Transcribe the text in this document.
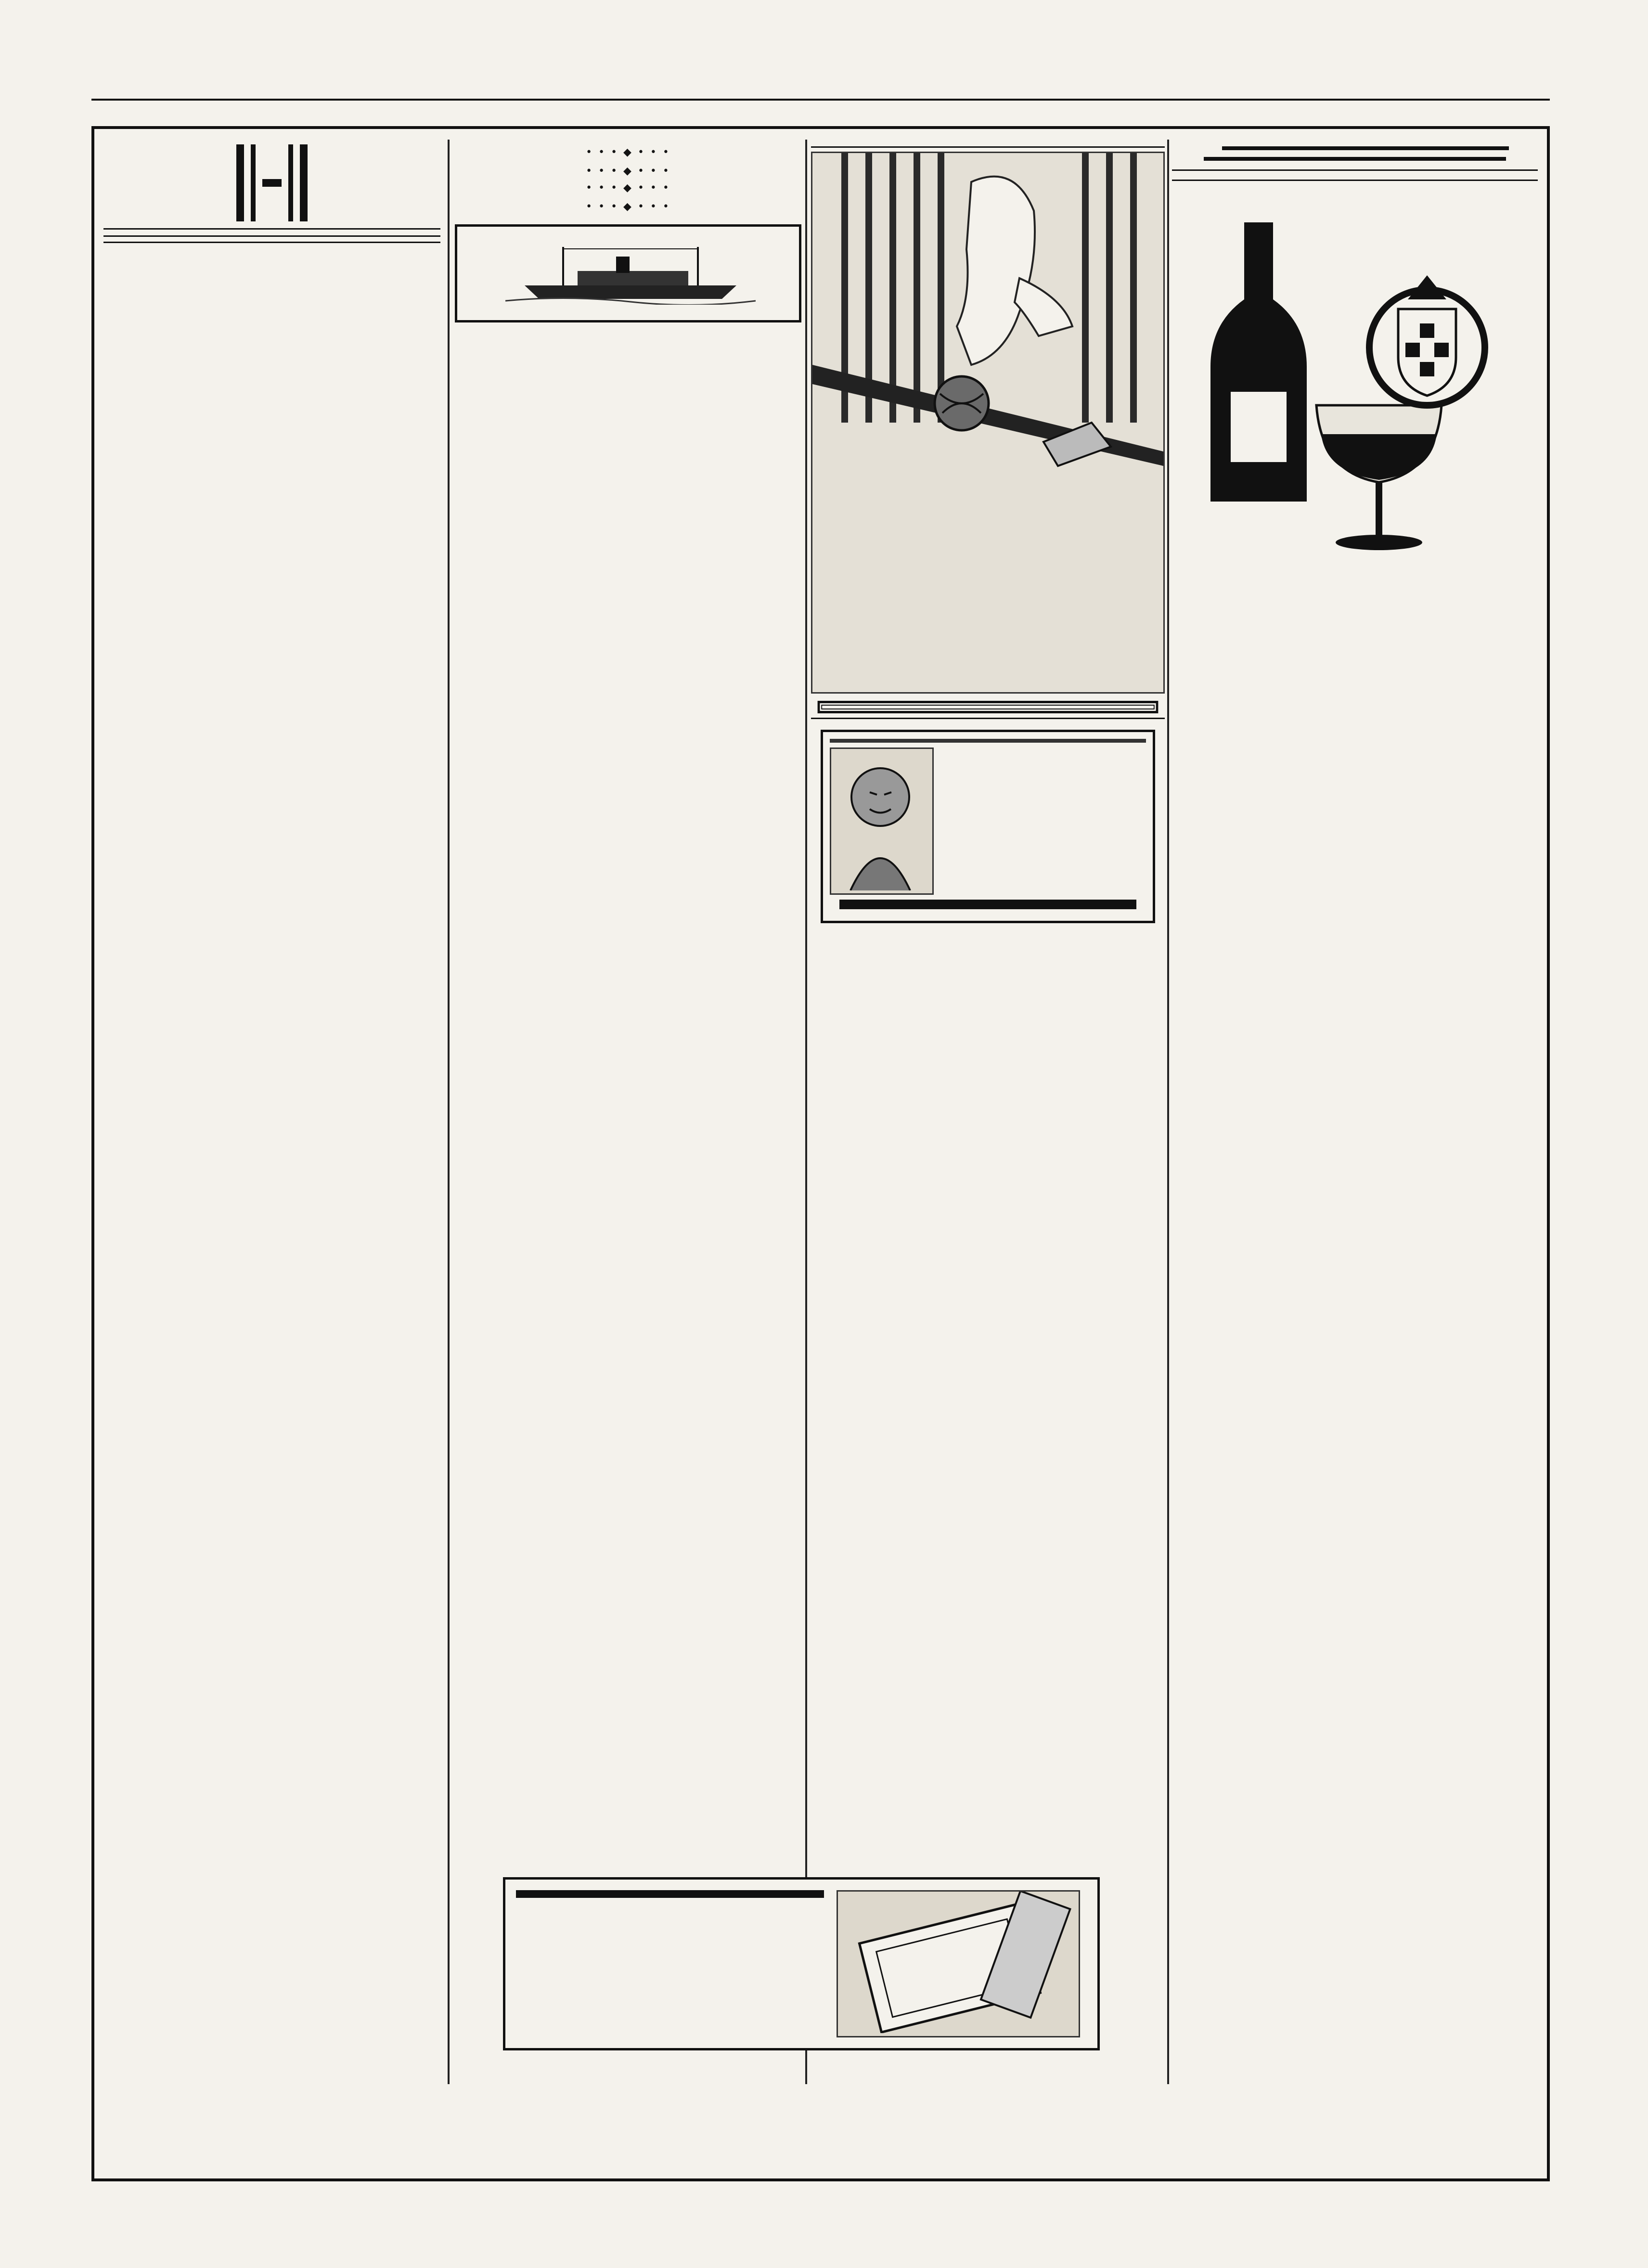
• • • ◆ • • •

• • • ◆ • • •

• • • ◆ • • •

• • • ◆ • • •
